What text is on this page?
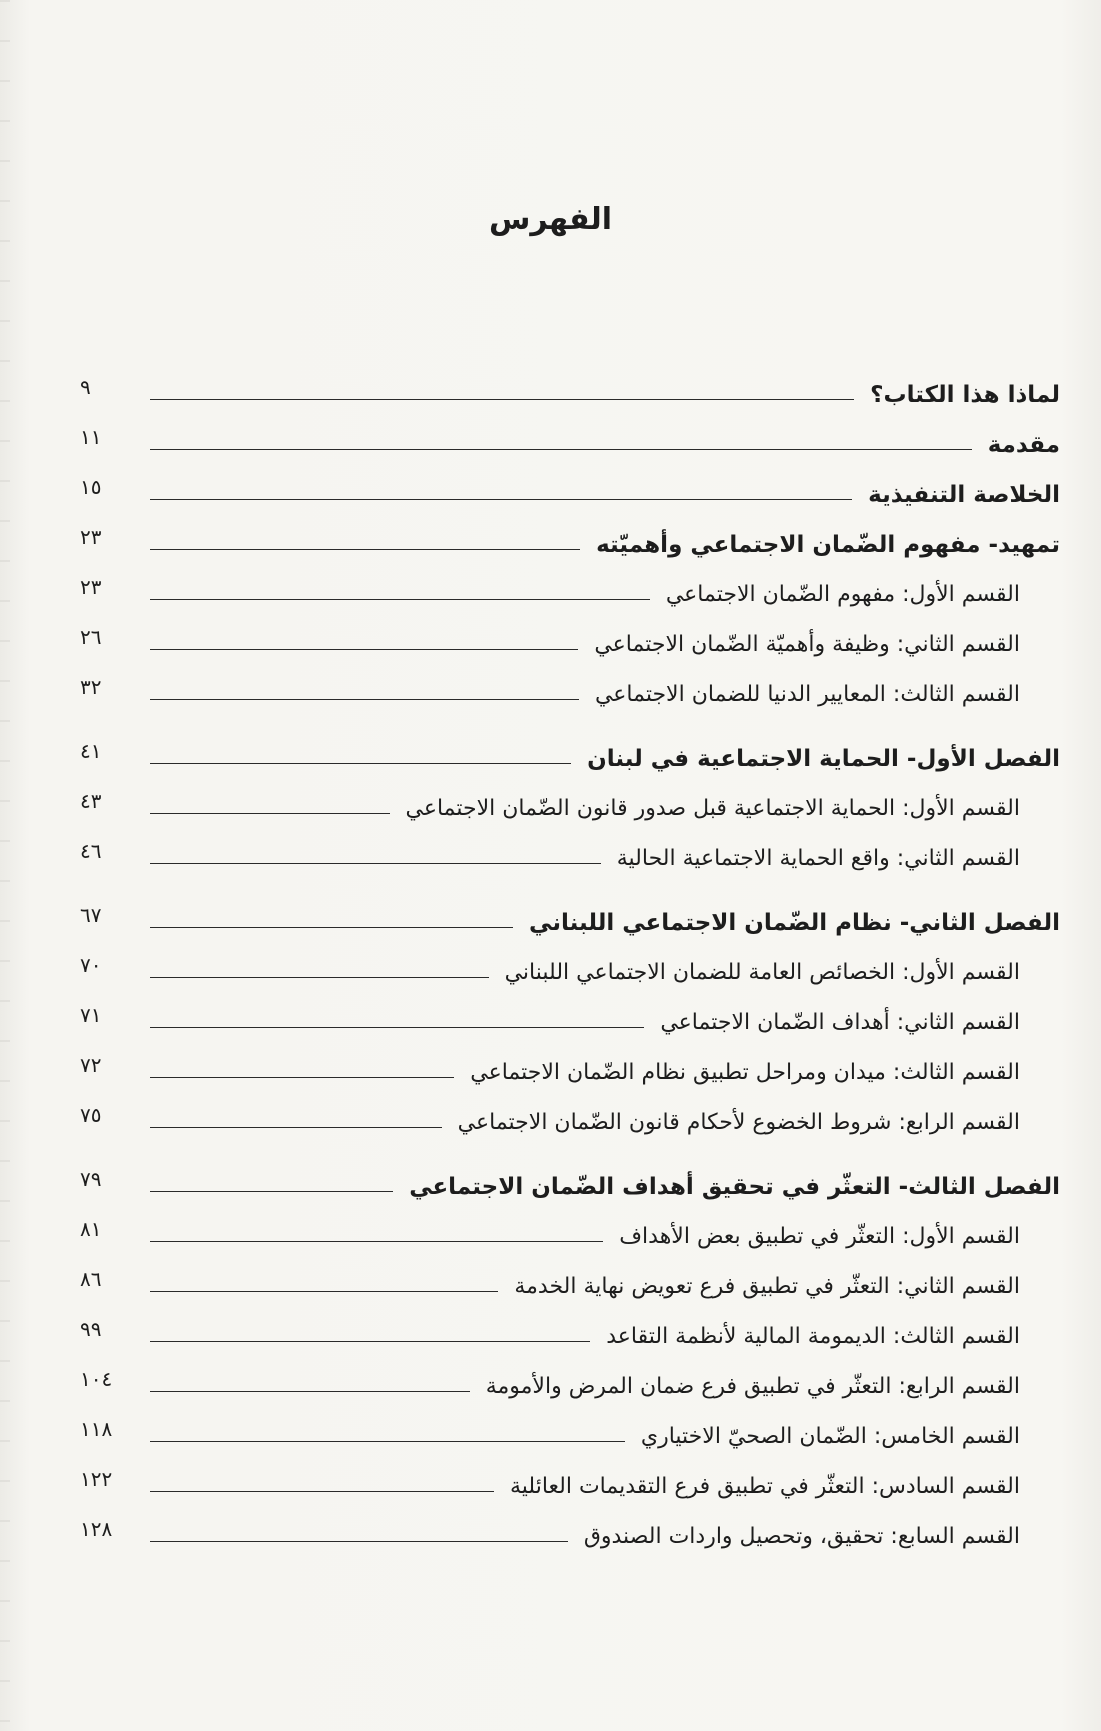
الفهرس
لماذا هذا الكتاب؟
٩
مقدمة
١١
الخلاصة التنفيذية
١٥
تمهيد- مفهوم الضّمان الاجتماعي وأهميّته
٢٣
القسم الأول: مفهوم الضّمان الاجتماعي
٢٣
القسم الثاني: وظيفة وأهميّة الضّمان الاجتماعي
٢٦
القسم الثالث: المعايير الدنيا للضمان الاجتماعي
٣٢
الفصل الأول- الحماية الاجتماعية في لبنان
٤١
القسم الأول: الحماية الاجتماعية قبل صدور قانون الضّمان الاجتماعي
٤٣
القسم الثاني: واقع الحماية الاجتماعية الحالية
٤٦
الفصل الثاني- نظام الضّمان الاجتماعي اللبناني
٦٧
القسم الأول: الخصائص العامة للضمان الاجتماعي اللبناني
٧٠
القسم الثاني: أهداف الضّمان الاجتماعي
٧١
القسم الثالث: ميدان ومراحل تطبيق نظام الضّمان الاجتماعي
٧٢
القسم الرابع: شروط الخضوع لأحكام قانون الضّمان الاجتماعي
٧٥
الفصل الثالث- التعثّر في تحقيق أهداف الضّمان الاجتماعي
٧٩
القسم الأول: التعثّر في تطبيق بعض الأهداف
٨١
القسم الثاني: التعثّر في تطبيق فرع تعويض نهاية الخدمة
٨٦
القسم الثالث: الديمومة المالية لأنظمة التقاعد
٩٩
القسم الرابع: التعثّر في تطبيق فرع ضمان المرض والأمومة
١٠٤
القسم الخامس: الضّمان الصحيّ الاختياري
١١٨
القسم السادس: التعثّر في تطبيق فرع التقديمات العائلية
١٢٢
القسم السابع: تحقيق، وتحصيل واردات الصندوق
١٢٨
